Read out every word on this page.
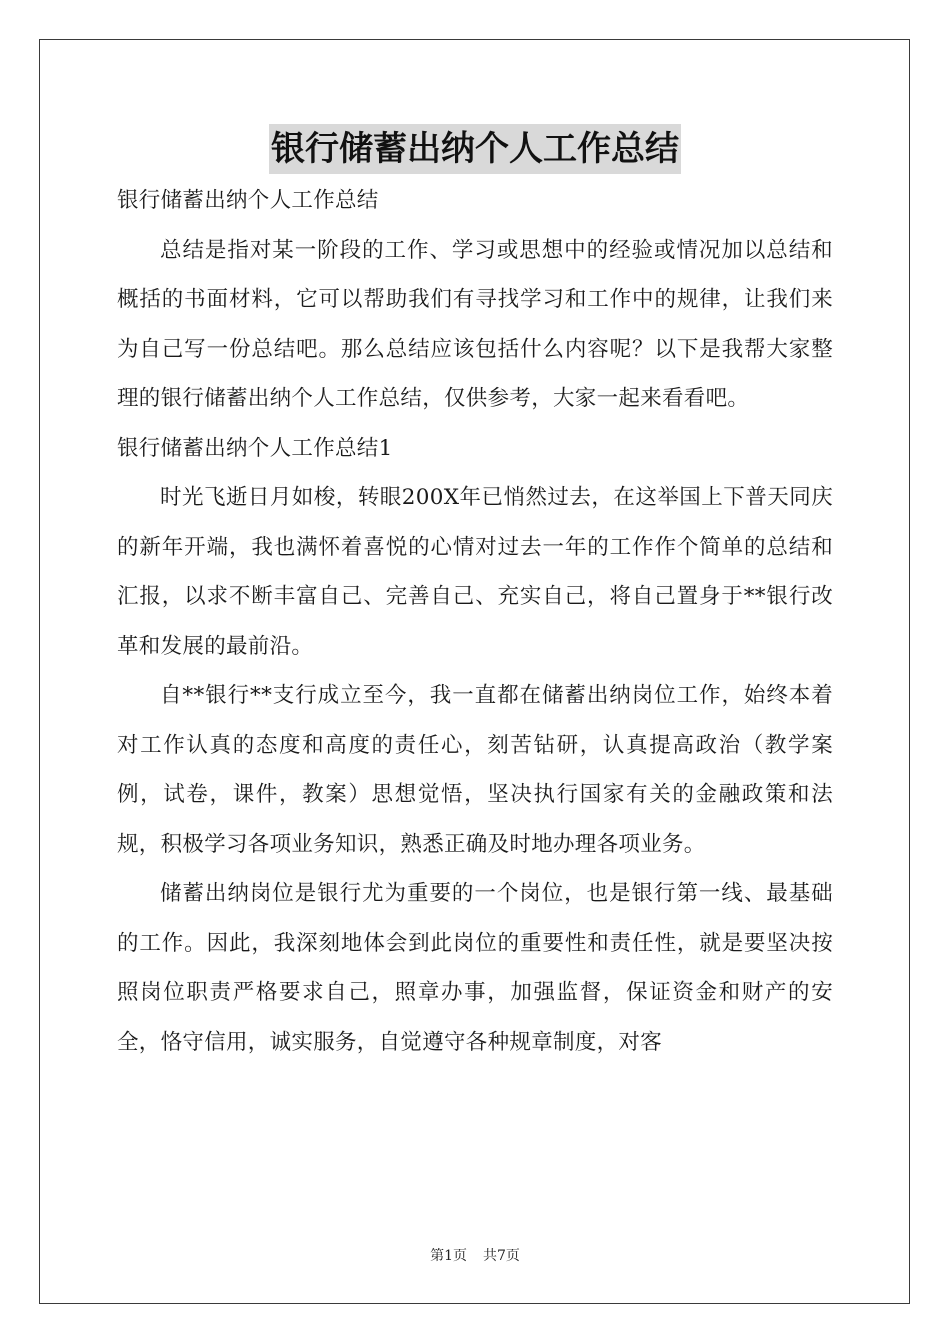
银行储蓄出纳个人工作总结

银行储蓄出纳个人工作总结

总结是指对某一阶段的工作、学习或思想中的经验或情况加以总结和概括的书面材料，它可以帮助我们有寻找学习和工作中的规律，让我们来为自己写一份总结吧。那么总结应该包括什么内容呢？以下是我帮大家整理的银行储蓄出纳个人工作总结，仅供参考，大家一起来看看吧。

银行储蓄出纳个人工作总结1

时光飞逝日月如梭，转眼200X年已悄然过去，在这举国上下普天同庆的新年开端，我也满怀着喜悦的心情对过去一年的工作作个简单的总结和汇报，以求不断丰富自己、完善自己、充实自己，将自己置身于**银行改革和发展的最前沿。

自**银行**支行成立至今，我一直都在储蓄出纳岗位工作，始终本着对工作认真的态度和高度的责任心，刻苦钻研，认真提高政治（教学案例，试卷，课件，教案）思想觉悟，坚决执行国家有关的金融政策和法规，积极学习各项业务知识，熟悉正确及时地办理各项业务。

储蓄出纳岗位是银行尤为重要的一个岗位，也是银行第一线、最基础的工作。因此，我深刻地体会到此岗位的重要性和责任性，就是要坚决按照岗位职责严格要求自己，照章办事，加强监督，保证资金和财产的安全，恪守信用，诚实服务，自觉遵守各种规章制度，对客

第1页 共7页
